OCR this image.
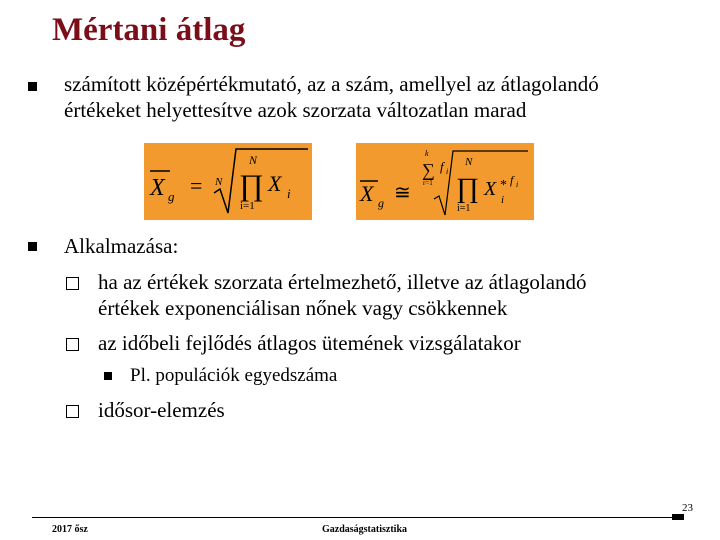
Mértani átlag
számított középértékmutató, az a szám, amellyel az átlagolandó
értékeket helyettesítve azok szorzata változatlan marad
X g = N
N
∏
i=1
X i	X g ≅
k
∑
r=1
f i
N
∏
i=1
X *
i
f i
Alkalmazása:
ha az értékek szorzata értelmezhető, illetve az átlagolandó
értékek exponenciálisan nőnek vagy csökkennek
az időbeli fejlődés átlagos ütemének vizsgálatakor
Pl. populációk egyedszáma
idősor-elemzés
23
2017 ősz	Gazdaságstatisztika
